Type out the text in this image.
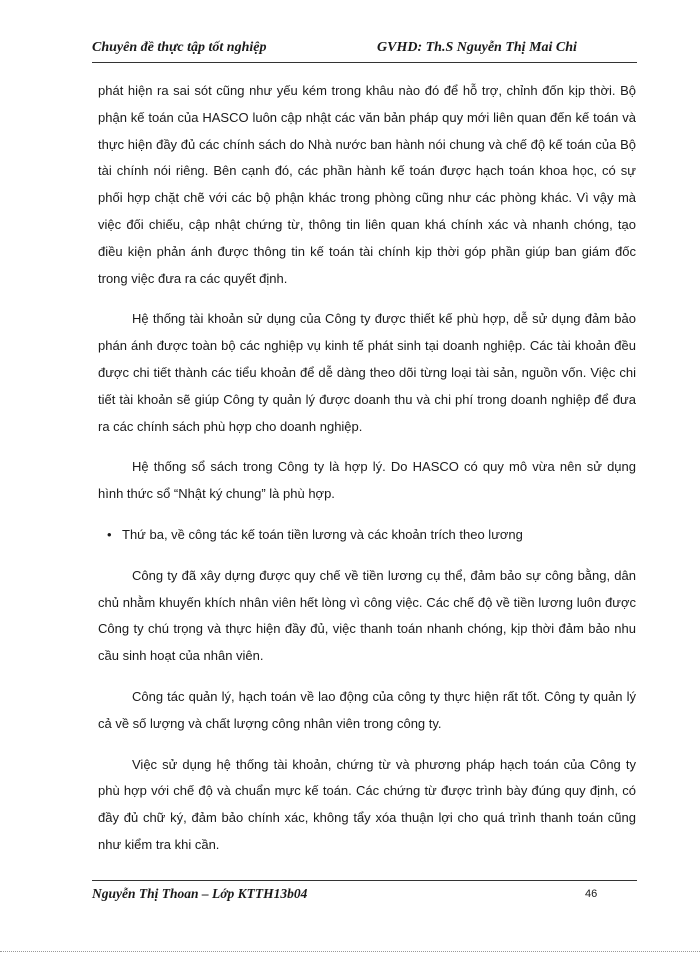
Chuyên đề thực tập tốt nghiệp	GVHD: Th.S Nguyễn Thị Mai Chi

phát hiện ra sai sót cũng như yếu kém trong khâu nào đó để hỗ trợ, chỉnh đốn kịp thời. Bộ phận kế toán của HASCO luôn cập nhật các văn bản pháp quy mới liên quan đến kế toán và thực hiện đầy đủ các chính sách do Nhà nước ban hành nói chung và chế độ kế toán của Bộ tài chính nói riêng. Bên cạnh đó, các phần hành kế toán được hạch toán khoa học, có sự phối hợp chặt chẽ với các bộ phận khác trong phòng cũng như các phòng khác. Vì vậy mà việc đối chiếu, cập nhật chứng từ, thông tin liên quan khá chính xác và nhanh chóng, tạo điều kiện phản ánh được thông tin kế toán tài chính kịp thời góp phần giúp ban giám đốc trong việc đưa ra các quyết định.

Hệ thống tài khoản sử dụng của Công ty được thiết kế phù hợp, dễ sử dụng đảm bảo phán ánh được toàn bộ các nghiệp vụ kinh tế phát sinh tại doanh nghiệp. Các tài khoản đều được chi tiết thành các tiểu khoản để dễ dàng theo dõi từng loại tài sản, nguồn vốn. Việc chi tiết tài khoản sẽ giúp Công ty quản lý được doanh thu và chi phí trong doanh nghiệp để đưa ra các chính sách phù hợp cho doanh nghiệp.

Hệ thống sổ sách trong Công ty là hợp lý. Do HASCO có quy mô vừa nên sử dụng hình thức sổ “Nhật ký chung” là phù hợp.

• Thứ ba, về công tác kế toán tiền lương và các khoản trích theo lương

Công ty đã xây dựng được quy chế về tiền lương cụ thể, đảm bảo sự công bằng, dân chủ nhằm khuyến khích nhân viên hết lòng vì công việc. Các chế độ về tiền lương luôn được Công ty chú trọng và thực hiện đầy đủ, việc thanh toán nhanh chóng, kịp thời đảm bảo nhu cầu sinh hoạt của nhân viên.

Công tác quản lý, hạch toán về lao động của công ty thực hiện rất tốt. Công ty quản lý cả về số lượng và chất lượng công nhân viên trong công ty.

Việc sử dụng hệ thống tài khoản, chứng từ và phương pháp hạch toán của Công ty phù hợp với chế độ và chuẩn mực kế toán. Các chứng từ được trình bày đúng quy định, có đầy đủ chữ ký, đảm bảo chính xác, không tẩy xóa thuận lợi cho quá trình thanh toán cũng như kiểm tra khi cần.

Nguyễn Thị Thoan – Lớp KTTH13b04	46
